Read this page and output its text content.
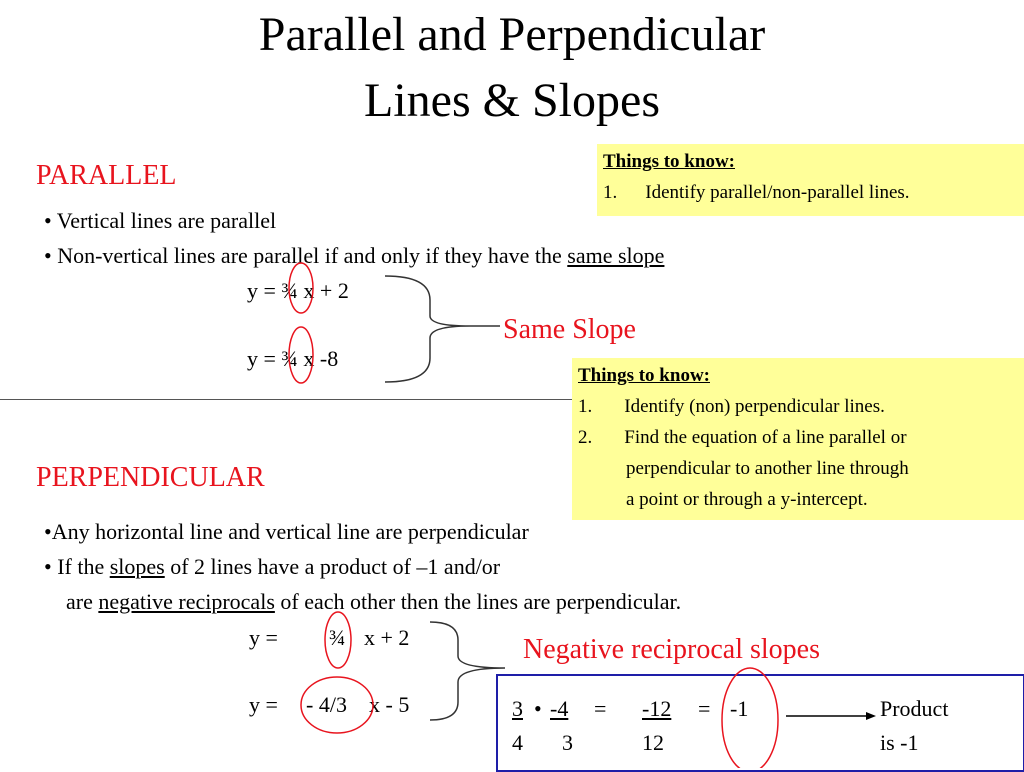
Parallel and Perpendicular
Lines & Slopes
PARALLEL
• Vertical lines are parallel
• Non-vertical lines are parallel if and only if they have the same slope
y = ¾ x + 2
y = ¾ x -8
Same Slope
Things to know:
1. Identify parallel/non-parallel lines.
Things to know:
1. Identify (non) perpendicular lines.
2. Find the equation of a line parallel or
perpendicular to another line through
a point or through a y-intercept.
PERPENDICULAR
•Any horizontal line and vertical line are perpendicular
• If the slopes of 2 lines have a product of –1 and/or
are negative reciprocals of each other then the lines are perpendicular.
y = ¾ x + 2
y = - 4/3 x - 5
Negative reciprocal slopes
3 • -4 = -12 = -1
4 3	12
Product
is -1
